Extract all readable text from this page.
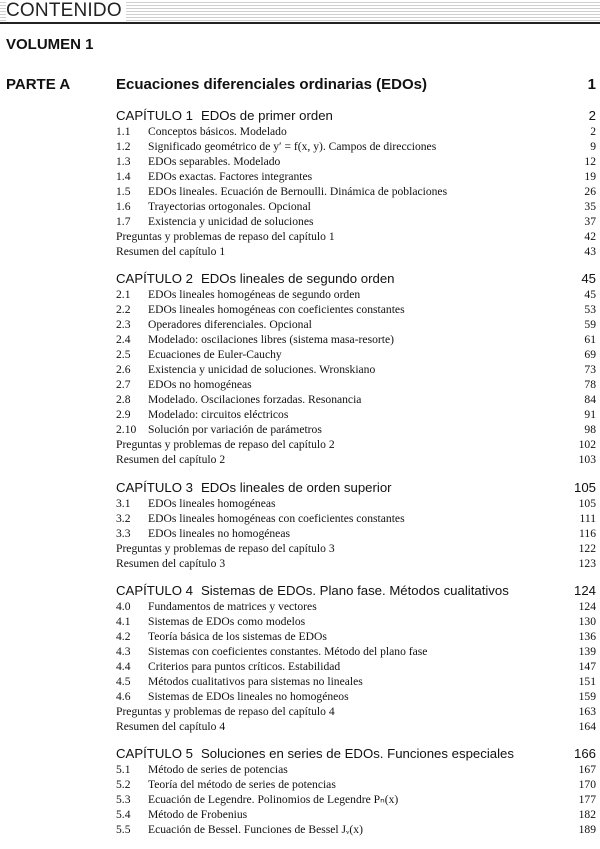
CONTENIDO
VOLUMEN 1
PARTE A	Ecuaciones diferenciales ordinarias (EDOs)	1
CAPÍTULO 1 EDOs de primer orden	2
1.1	Conceptos básicos. Modelado	2
1.2	Significado geométrico de y′ = f(x, y). Campos de direcciones	9
1.3	EDOs separables. Modelado	12
1.4	EDOs exactas. Factores integrantes	19
1.5	EDOs lineales. Ecuación de Bernoulli. Dinámica de poblaciones	26
1.6	Trayectorias ortogonales. Opcional	35
1.7	Existencia y unicidad de soluciones	37
Preguntas y problemas de repaso del capítulo 1	42
Resumen del capítulo 1	43
CAPÍTULO 2 EDOs lineales de segundo orden	45
2.1	EDOs lineales homogéneas de segundo orden	45
2.2	EDOs lineales homogéneas con coeficientes constantes	53
2.3	Operadores diferenciales. Opcional	59
2.4	Modelado: oscilaciones libres (sistema masa-resorte)	61
2.5	Ecuaciones de Euler-Cauchy	69
2.6	Existencia y unicidad de soluciones. Wronskiano	73
2.7	EDOs no homogéneas	78
2.8	Modelado. Oscilaciones forzadas. Resonancia	84
2.9	Modelado: circuitos eléctricos	91
2.10	Solución por variación de parámetros	98
Preguntas y problemas de repaso del capítulo 2	102
Resumen del capítulo 2	103
CAPÍTULO 3 EDOs lineales de orden superior	105
3.1	EDOs lineales homogéneas	105
3.2	EDOs lineales homogéneas con coeficientes constantes	111
3.3	EDOs lineales no homogéneas	116
Preguntas y problemas de repaso del capítulo 3	122
Resumen del capítulo 3	123
CAPÍTULO 4 Sistemas de EDOs. Plano fase. Métodos cualitativos	124
4.0	Fundamentos de matrices y vectores	124
4.1	Sistemas de EDOs como modelos	130
4.2	Teoría básica de los sistemas de EDOs	136
4.3	Sistemas con coeficientes constantes. Método del plano fase	139
4.4	Criterios para puntos críticos. Estabilidad	147
4.5	Métodos cualitativos para sistemas no lineales	151
4.6	Sistemas de EDOs lineales no homogéneos	159
Preguntas y problemas de repaso del capítulo 4	163
Resumen del capítulo 4	164
CAPÍTULO 5 Soluciones en series de EDOs. Funciones especiales	166
5.1	Método de series de potencias	167
5.2	Teoría del método de series de potencias	170
5.3	Ecuación de Legendre. Polinomios de Legendre Pₙ(x)	177
5.4	Método de Frobenius	182
5.5	Ecuación de Bessel. Funciones de Bessel Jᵥ(x)	189
